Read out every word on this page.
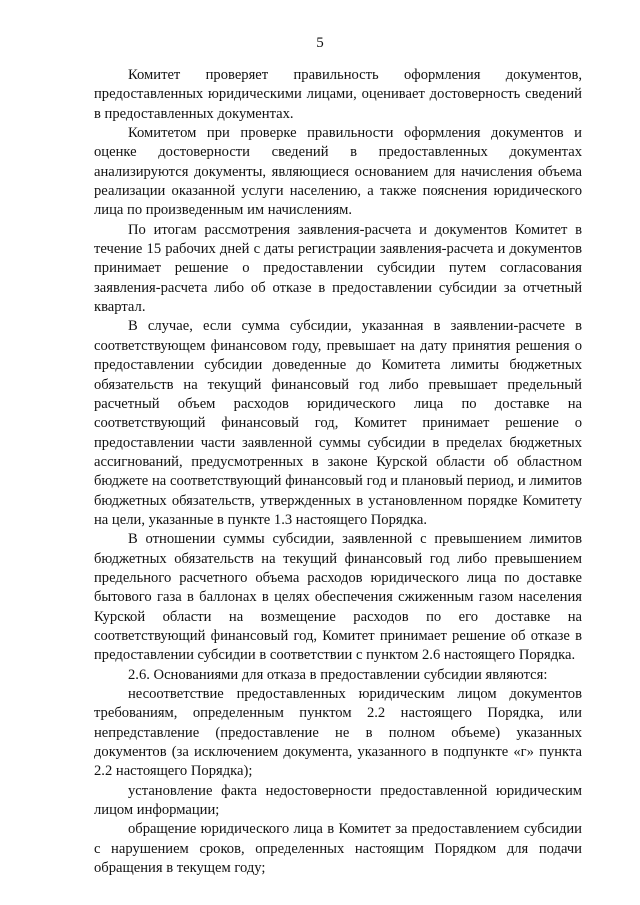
5

Комитет проверяет правильность оформления документов, предоставленных юридическими лицами, оценивает достоверность сведений в предоставленных документах.

Комитетом при проверке правильности оформления документов и оценке достоверности сведений в предоставленных документах анализируются документы, являющиеся основанием для начисления объема реализации оказанной услуги населению, а также пояснения юридического лица по произведенным им начислениям.

По итогам рассмотрения заявления-расчета и документов Комитет в течение 15 рабочих дней с даты регистрации заявления-расчета и документов принимает решение о предоставлении субсидии путем согласования заявления-расчета либо об отказе в предоставлении субсидии за отчетный квартал.

В случае, если сумма субсидии, указанная в заявлении-расчете в соответствующем финансовом году, превышает на дату принятия решения о предоставлении субсидии доведенные до Комитета лимиты бюджетных обязательств на текущий финансовый год либо превышает предельный расчетный объем расходов юридического лица по доставке на соответствующий финансовый год, Комитет принимает решение о предоставлении части заявленной суммы субсидии в пределах бюджетных ассигнований, предусмотренных в законе Курской области об областном бюджете на соответствующий финансовый год и плановый период, и лимитов бюджетных обязательств, утвержденных в установленном порядке Комитету на цели, указанные в пункте 1.3 настоящего Порядка.

В отношении суммы субсидии, заявленной с превышением лимитов бюджетных обязательств на текущий финансовый год либо превышением предельного расчетного объема расходов юридического лица по доставке бытового газа в баллонах в целях обеспечения сжиженным газом населения Курской области на возмещение расходов по его доставке на соответствующий финансовый год, Комитет принимает решение об отказе в предоставлении субсидии в соответствии с пунктом 2.6 настоящего Порядка.

2.6. Основаниями для отказа в предоставлении субсидии являются:

несоответствие предоставленных юридическим лицом документов требованиям, определенным пунктом 2.2 настоящего Порядка, или непредставление (предоставление не в полном объеме) указанных документов (за исключением документа, указанного в подпункте «г» пункта 2.2 настоящего Порядка);

установление факта недостоверности предоставленной юридическим лицом информации;

обращение юридического лица в Комитет за предоставлением субсидии с нарушением сроков, определенных настоящим Порядком для подачи обращения в текущем году;
